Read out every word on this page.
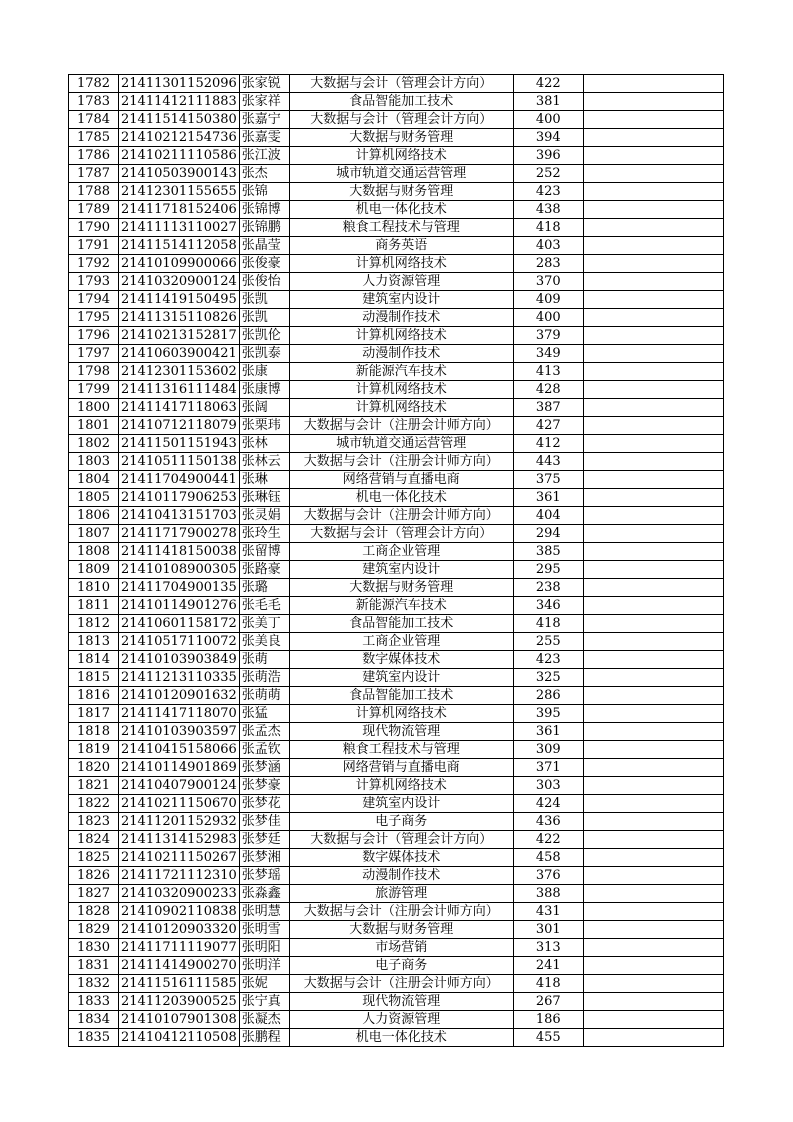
1782	21411301152096	张家锐	大数据与会计（管理会计方向）	422	
1783	21411412111883	张家祥	食品智能加工技术	381	
1784	21411514150380	张嘉宁	大数据与会计（管理会计方向）	400	
1785	21410212154736	张嘉雯	大数据与财务管理	394	
1786	21410211110586	张江波	计算机网络技术	396	
1787	21410503900143	张杰	城市轨道交通运营管理	252	
1788	21412301155655	张锦	大数据与财务管理	423	
1789	21411718152406	张锦博	机电一体化技术	438	
1790	21411113110027	张锦鹏	粮食工程技术与管理	418	
1791	21411514112058	张晶莹	商务英语	403	
1792	21410109900066	张俊豪	计算机网络技术	283	
1793	21410320900124	张俊怡	人力资源管理	370	
1794	21411419150495	张凯	建筑室内设计	409	
1795	21411315110826	张凯	动漫制作技术	400	
1796	21410213152817	张凯伦	计算机网络技术	379	
1797	21410603900421	张凯泰	动漫制作技术	349	
1798	21412301153602	张康	新能源汽车技术	413	
1799	21411316111484	张康博	计算机网络技术	428	
1800	21411417118063	张阔	计算机网络技术	387	
1801	21410712118079	张栗玮	大数据与会计（注册会计师方向）	427	
1802	21411501151943	张林	城市轨道交通运营管理	412	
1803	21410511150138	张林云	大数据与会计（注册会计师方向）	443	
1804	21411704900441	张琳	网络营销与直播电商	375	
1805	21410117906253	张琳钰	机电一体化技术	361	
1806	21410413151703	张灵娟	大数据与会计（注册会计师方向）	404	
1807	21411717900278	张玲生	大数据与会计（管理会计方向）	294	
1808	21411418150038	张留博	工商企业管理	385	
1809	21410108900305	张路豪	建筑室内设计	295	
1810	21411704900135	张璐	大数据与财务管理	238	
1811	21410114901276	张毛毛	新能源汽车技术	346	
1812	21410601158172	张美丁	食品智能加工技术	418	
1813	21410517110072	张美良	工商企业管理	255	
1814	21410103903849	张萌	数字媒体技术	423	
1815	21411213110335	张萌浩	建筑室内设计	325	
1816	21410120901632	张萌萌	食品智能加工技术	286	
1817	21411417118070	张猛	计算机网络技术	395	
1818	21410103903597	张孟杰	现代物流管理	361	
1819	21410415158066	张孟钦	粮食工程技术与管理	309	
1820	21410114901869	张梦涵	网络营销与直播电商	371	
1821	21410407900124	张梦豪	计算机网络技术	303	
1822	21410211150670	张梦花	建筑室内设计	424	
1823	21411201152932	张梦佳	电子商务	436	
1824	21411314152983	张梦廷	大数据与会计（管理会计方向）	422	
1825	21410211150267	张梦湘	数字媒体技术	458	
1826	21411721112310	张梦瑶	动漫制作技术	376	
1827	21410320900233	张淼鑫	旅游管理	388	
1828	21410902110838	张明慧	大数据与会计（注册会计师方向）	431	
1829	21410120903320	张明雪	大数据与财务管理	301	
1830	21411711119077	张明阳	市场营销	313	
1831	21411414900270	张明洋	电子商务	241	
1832	21411516111585	张妮	大数据与会计（注册会计师方向）	418	
1833	21411203900525	张宁真	现代物流管理	267	
1834	21410107901308	张凝杰	人力资源管理	186	
1835	21410412110508	张鹏程	机电一体化技术	455	
